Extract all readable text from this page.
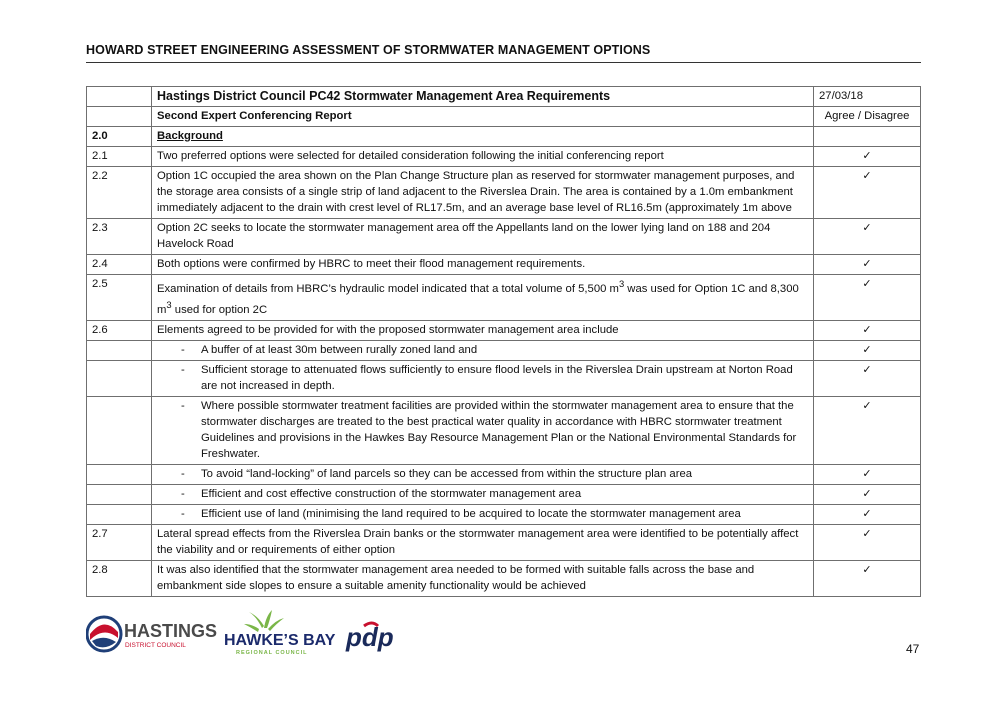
HOWARD STREET ENGINEERING ASSESSMENT OF STORMWATER MANAGEMENT OPTIONS
	Hastings District Council PC42 Stormwater Management Area Requirements	27/03/18
	Second Expert Conferencing Report	Agree / Disagree
2.0	Background	
2.1	Two preferred options were selected for detailed consideration following the initial conferencing report	✓
2.2	Option 1C occupied the area shown on the Plan Change Structure plan as reserved for stormwater management purposes, and the storage area consists of a single strip of land adjacent to the Riverslea Drain. The area is contained by a 1.0m embankment immediately adjacent to the drain with crest level of RL17.5m, and an average base level of RL16.5m (approximately 1m above	✓
2.3	Option 2C seeks to locate the stormwater management area off the Appellants land on the lower lying land on 188 and 204 Havelock Road	✓
2.4	Both options were confirmed by HBRC to meet their flood management requirements.	✓
2.5	Examination of details from HBRC’s hydraulic model indicated that a total volume of 5,500 $m^3$ was used for Option 1C and 8,300 $m^3$ used for option 2C	✓
2.6	Elements agreed to be provided for with the proposed stormwater management area include	✓

	- A buffer of at least 30m between rurally zoned land and	✓

	- Sufficient storage to attenuated flows sufficiently to ensure flood levels in the Riverslea Drain upstream at Norton Road are not increased in depth.	✓

	- Where possible stormwater treatment facilities are provided within the stormwater management area to ensure that the stormwater discharges are treated to the best practical water quality in accordance with HBRC stormwater treatment Guidelines and provisions in the Hawkes Bay Resource Management Plan or the National Environmental Standards for Freshwater.	✓

	- To avoid “land-locking” of land parcels so they can be accessed from within the structure plan area	✓

	- Efficient and cost effective construction of the stormwater management area	✓

	- Efficient use of land (minimising the land required to be acquired to locate the stormwater management area	✓
2.7	Lateral spread effects from the Riverslea Drain banks or the stormwater management area were identified to be potentially affect the viability and or requirements of either option	✓
2.8	It was also identified that the stormwater management area needed to be formed with suitable falls across the base and embankment side slopes to ensure a suitable amenity functionality would be achieved	✓
HASTINGS
DISTRICT COUNCIL HAWKE’S BAY
REGIONAL COUNCIL
pdp	47
